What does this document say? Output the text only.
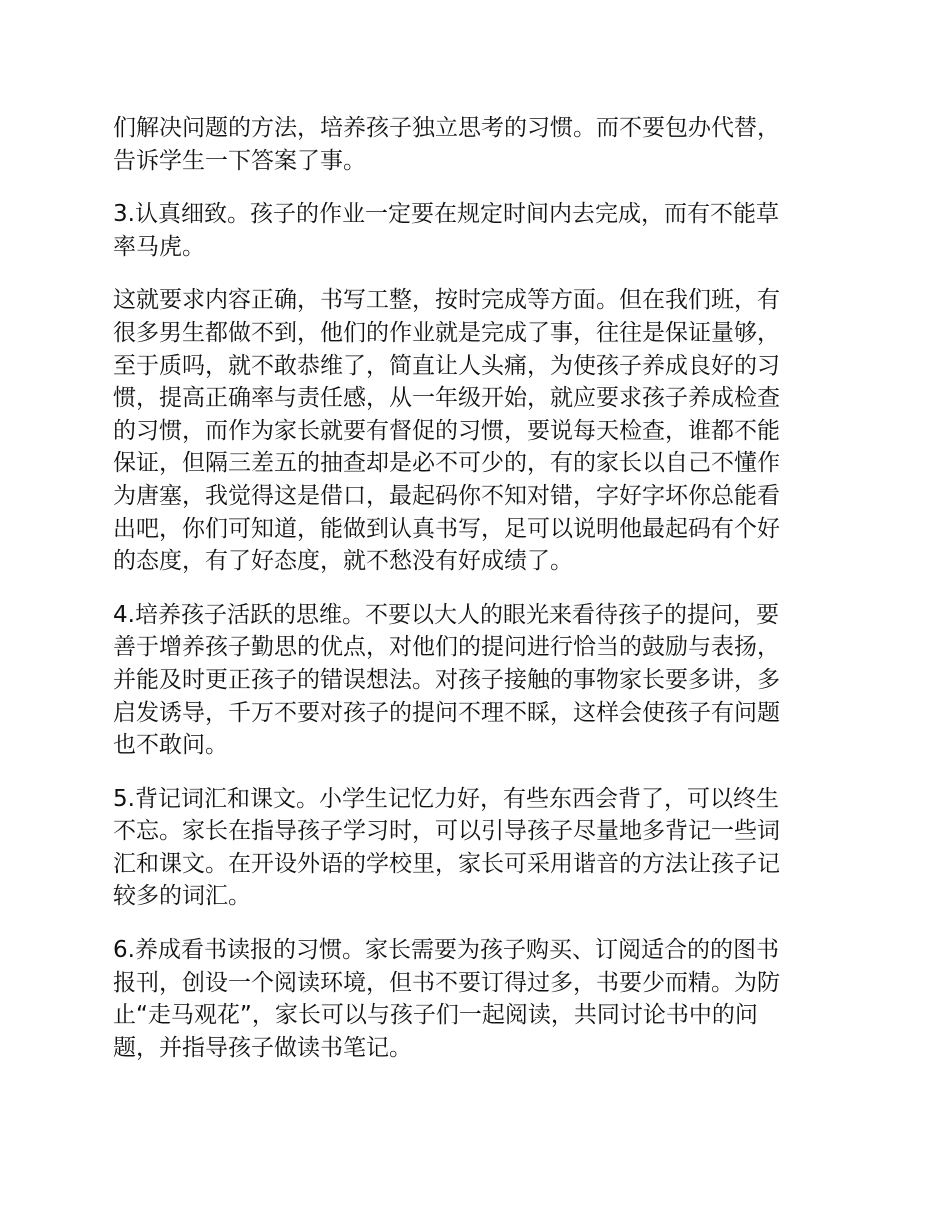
们解决问题的方法，培养孩子独立思考的习惯。而不要包办代替，
告诉学生一下答案了事。

3.认真细致。孩子的作业一定要在规定时间内去完成，而有不能草
率马虎。

这就要求内容正确，书写工整，按时完成等方面。但在我们班，有
很多男生都做不到，他们的作业就是完成了事，往往是保证量够，
至于质吗，就不敢恭维了，简直让人头痛，为使孩子养成良好的习
惯，提高正确率与责任感，从一年级开始，就应要求孩子养成检查
的习惯，而作为家长就要有督促的习惯，要说每天检查，谁都不能
保证，但隔三差五的抽查却是必不可少的，有的家长以自己不懂作
为唐塞，我觉得这是借口，最起码你不知对错，字好字坏你总能看
出吧，你们可知道，能做到认真书写，足可以说明他最起码有个好
的态度，有了好态度，就不愁没有好成绩了。

4.培养孩子活跃的思维。不要以大人的眼光来看待孩子的提问，要
善于增养孩子勤思的优点，对他们的提问进行恰当的鼓励与表扬，
并能及时更正孩子的错误想法。对孩子接触的事物家长要多讲，多
启发诱导，千万不要对孩子的提问不理不睬，这样会使孩子有问题
也不敢问。

5.背记词汇和课文。小学生记忆力好，有些东西会背了，可以终生
不忘。家长在指导孩子学习时，可以引导孩子尽量地多背记一些词
汇和课文。在开设外语的学校里，家长可采用谐音的方法让孩子记
较多的词汇。

6.养成看书读报的习惯。家长需要为孩子购买、订阅适合的的图书
报刊，创设一个阅读环境，但书不要订得过多，书要少而精。为防
止“走马观花”，家长可以与孩子们一起阅读，共同讨论书中的问
题，并指导孩子做读书笔记。
